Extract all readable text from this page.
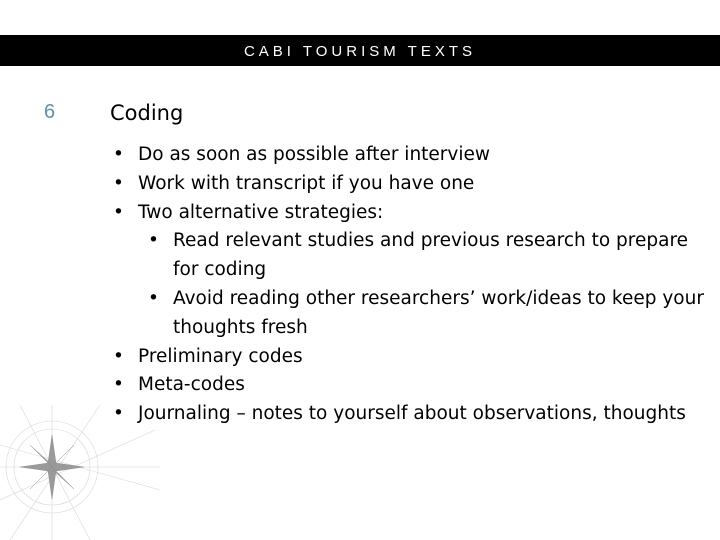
CABI TOURISM TEXTS
6	Coding
• Do as soon as possible after interview
• Work with transcript if you have one
• Two alternative strategies:
• Read relevant studies and previous research to prepare for coding
• Avoid reading other researchers’ work/ideas to keep your thoughts fresh
• Preliminary codes
• Meta-codes
• Journaling – notes to yourself about observations, thoughts
